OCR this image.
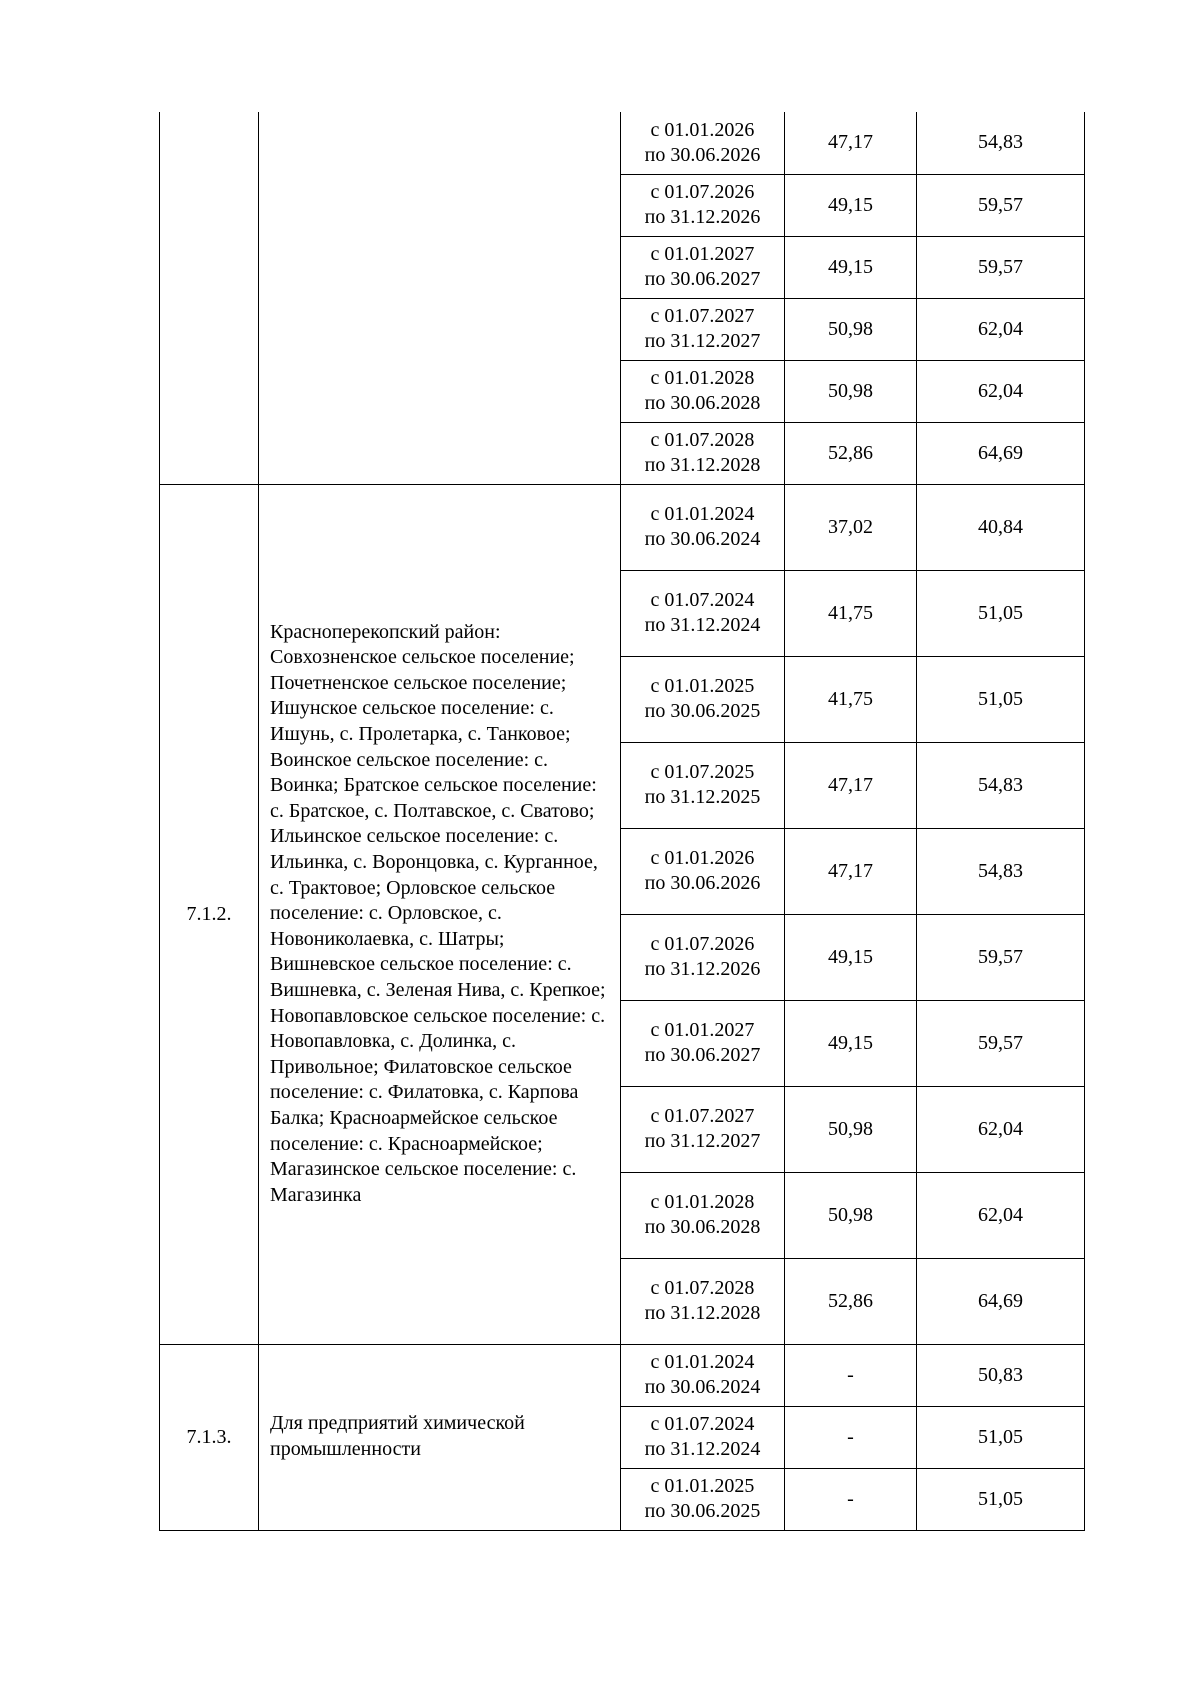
		с 01.01.2026
по 30.06.2026	47,17	54,83

		с 01.07.2026
по 31.12.2026	49,15	59,57

		с 01.01.2027
по 30.06.2027	49,15	59,57

		с 01.07.2027
по 31.12.2027	50,98	62,04

		с 01.01.2028
по 30.06.2028	50,98	62,04

		с 01.07.2028
по 31.12.2028	52,86	64,69
7.1.2.	Красноперекопский район: Совхозненское сельское поселение; Почетненское сельское поселение; Ишунское сельское поселение: с. Ишунь, с. Пролетарка, с. Танковое; Воинское сельское поселение: с. Воинка; Братское сельское поселение: с. Братское, с. Полтавское, с. Сватово; Ильинское сельское поселение: с. Ильинка, с. Воронцовка, с. Курганное, с. Трактовое; Орловское сельское поселение: с. Орловское, с. Новониколаевка, с. Шатры; Вишневское сельское поселение: с. Вишневка, с. Зеленая Нива, с. Крепкое; Новопавловское сельское поселение: с. Новопавловка, с. Долинка, с. Привольное; Филатовское сельское поселение: с. Филатовка, с. Карпова Балка; Красноармейское сельское поселение: с. Красноармейское; Магазинское сельское поселение: с. Магазинка	с 01.01.2024
по 30.06.2024	37,02	40,84

		с 01.07.2024
по 31.12.2024	41,75	51,05

		с 01.01.2025
по 30.06.2025	41,75	51,05

		с 01.07.2025
по 31.12.2025	47,17	54,83

		с 01.01.2026
по 30.06.2026	47,17	54,83

		с 01.07.2026
по 31.12.2026	49,15	59,57

		с 01.01.2027
по 30.06.2027	49,15	59,57

		с 01.07.2027
по 31.12.2027	50,98	62,04

		с 01.01.2028
по 30.06.2028	50,98	62,04

		с 01.07.2028
по 31.12.2028	52,86	64,69
7.1.3.	Для предприятий химической промышленности	с 01.01.2024
по 30.06.2024	-	50,83

		с 01.07.2024
по 31.12.2024	-	51,05

		с 01.01.2025
по 30.06.2025	-	51,05
